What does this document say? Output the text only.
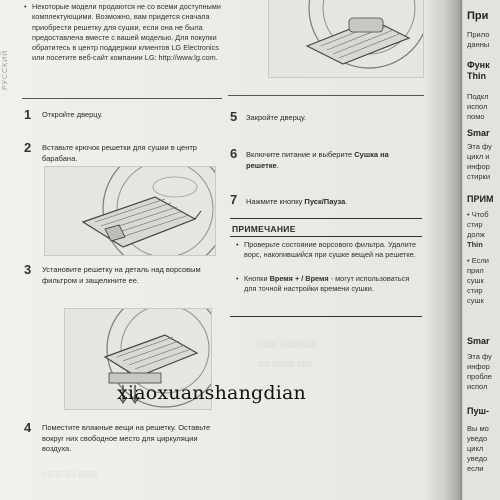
РУССКИЙ
• Некоторые модели продаются не со всеми доступными комплектующими. Возможно, вам придется сначала приобрести решетку для сушки, если она не была предоставлена вместе с вашей моделью. Для покупки обратитесь в центр поддержки клиентов LG Electronics или посетите веб-сайт компании LG: http://www.lg.com.
1 Откройте дверцу.
2 Вставьте крючок решетки для сушки в центр барабана.
3 Установите решетку на деталь над ворсовым фильтром и защелкните ее.
4 Поместите влажные вещи на решетку. Оставьте вокруг них свободное место для циркуляции воздуха.
▯ ▯▯▯▯ ▯▯▯ ▯▯▯▯▯
5 Закройте дверцу.
6 Включите питание и выберите Сушка на решетке.
7 Нажмите кнопку Пуск/Пауза.
ПРИМЕЧАНИЕ
• Проверьте состояние ворсового фильтра. Удалите ворс, накопившийся при сушке вещей на решетке.
• Кнопки Время + / Время - могут использоваться для точной настройки времени сушки.
▯▯▯▯▯ ▯▯ ▯▯▯▯▯▯▯
▯▯▯ ▯▯▯▯▯▯ ▯▯▯▯
При
Прило
данны
Функ
Thin
Подкл
испол
помо
Smar
Эта фу
цикл и
инфор
стирки
ПРИМ
• Чтоб
стир
долж
Thin
• Если
прил
сушк
стир
сушк
Smar
Эта фу
инфор
пробле
испол
Пуш-
Вы мо
уведо
цикл
уведо
если
xiaoxuanshangdian
